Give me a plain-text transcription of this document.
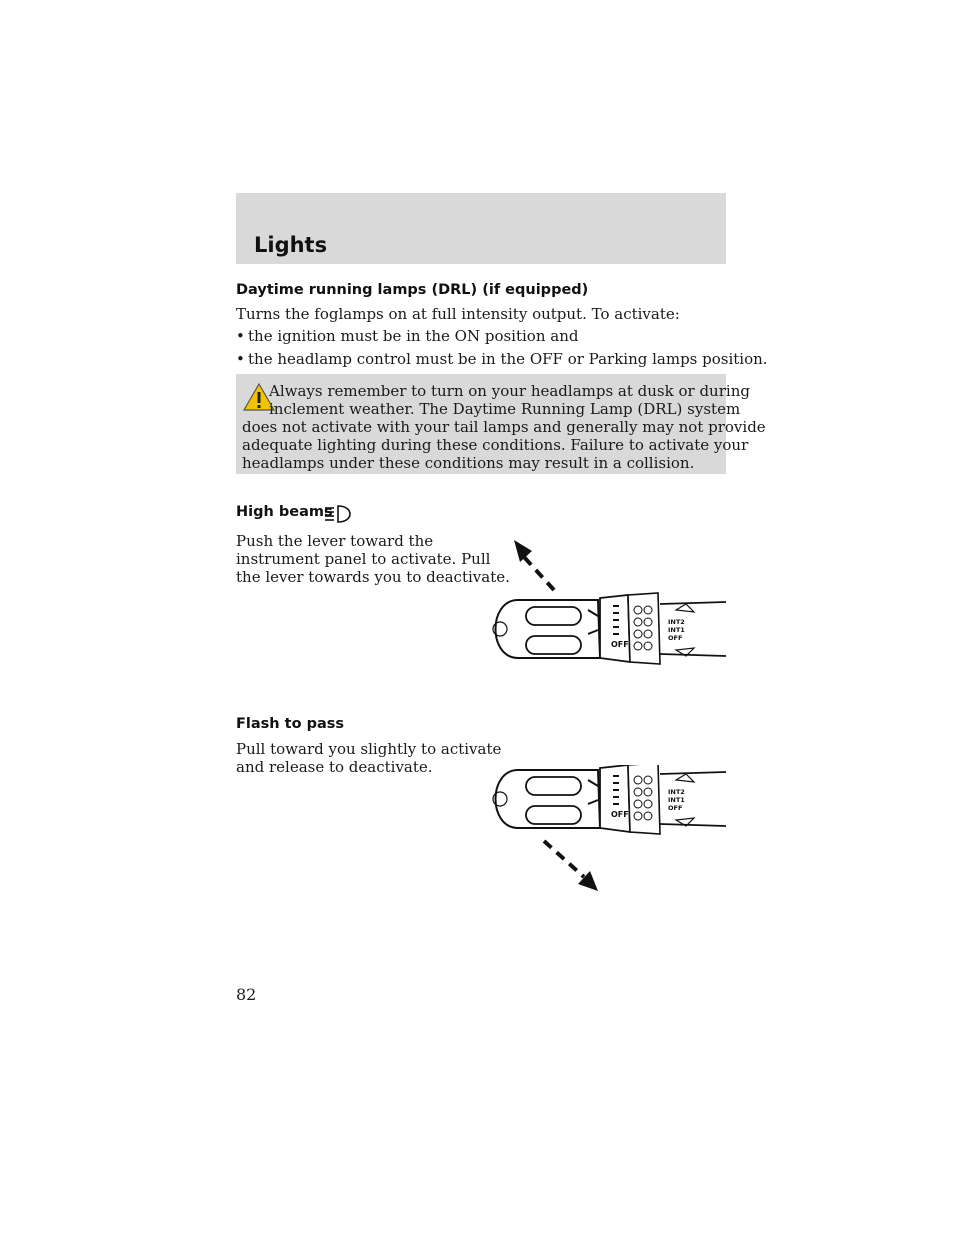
Lights
Daytime running lamps (DRL) (if equipped)
Turns the foglamps on at full intensity output. To activate:
• the ignition must be in the ON position and
• the headlamp control must be in the OFF or Parking lamps position.
Always remember to turn on your headlamps at dusk or during
inclement weather. The Daytime Running Lamp (DRL) system
does not activate with your tail lamps and generally may not provide
adequate lighting during these conditions. Failure to activate your
headlamps under these conditions may result in a collision.
High beams
Push the lever toward the
instrument panel to activate. Pull
the lever towards you to deactivate.
OFF
INT2
INT1
OFF
Flash to pass
Pull toward you slightly to activate
and release to deactivate.
OFF
INT2
INT1
OFF
82
